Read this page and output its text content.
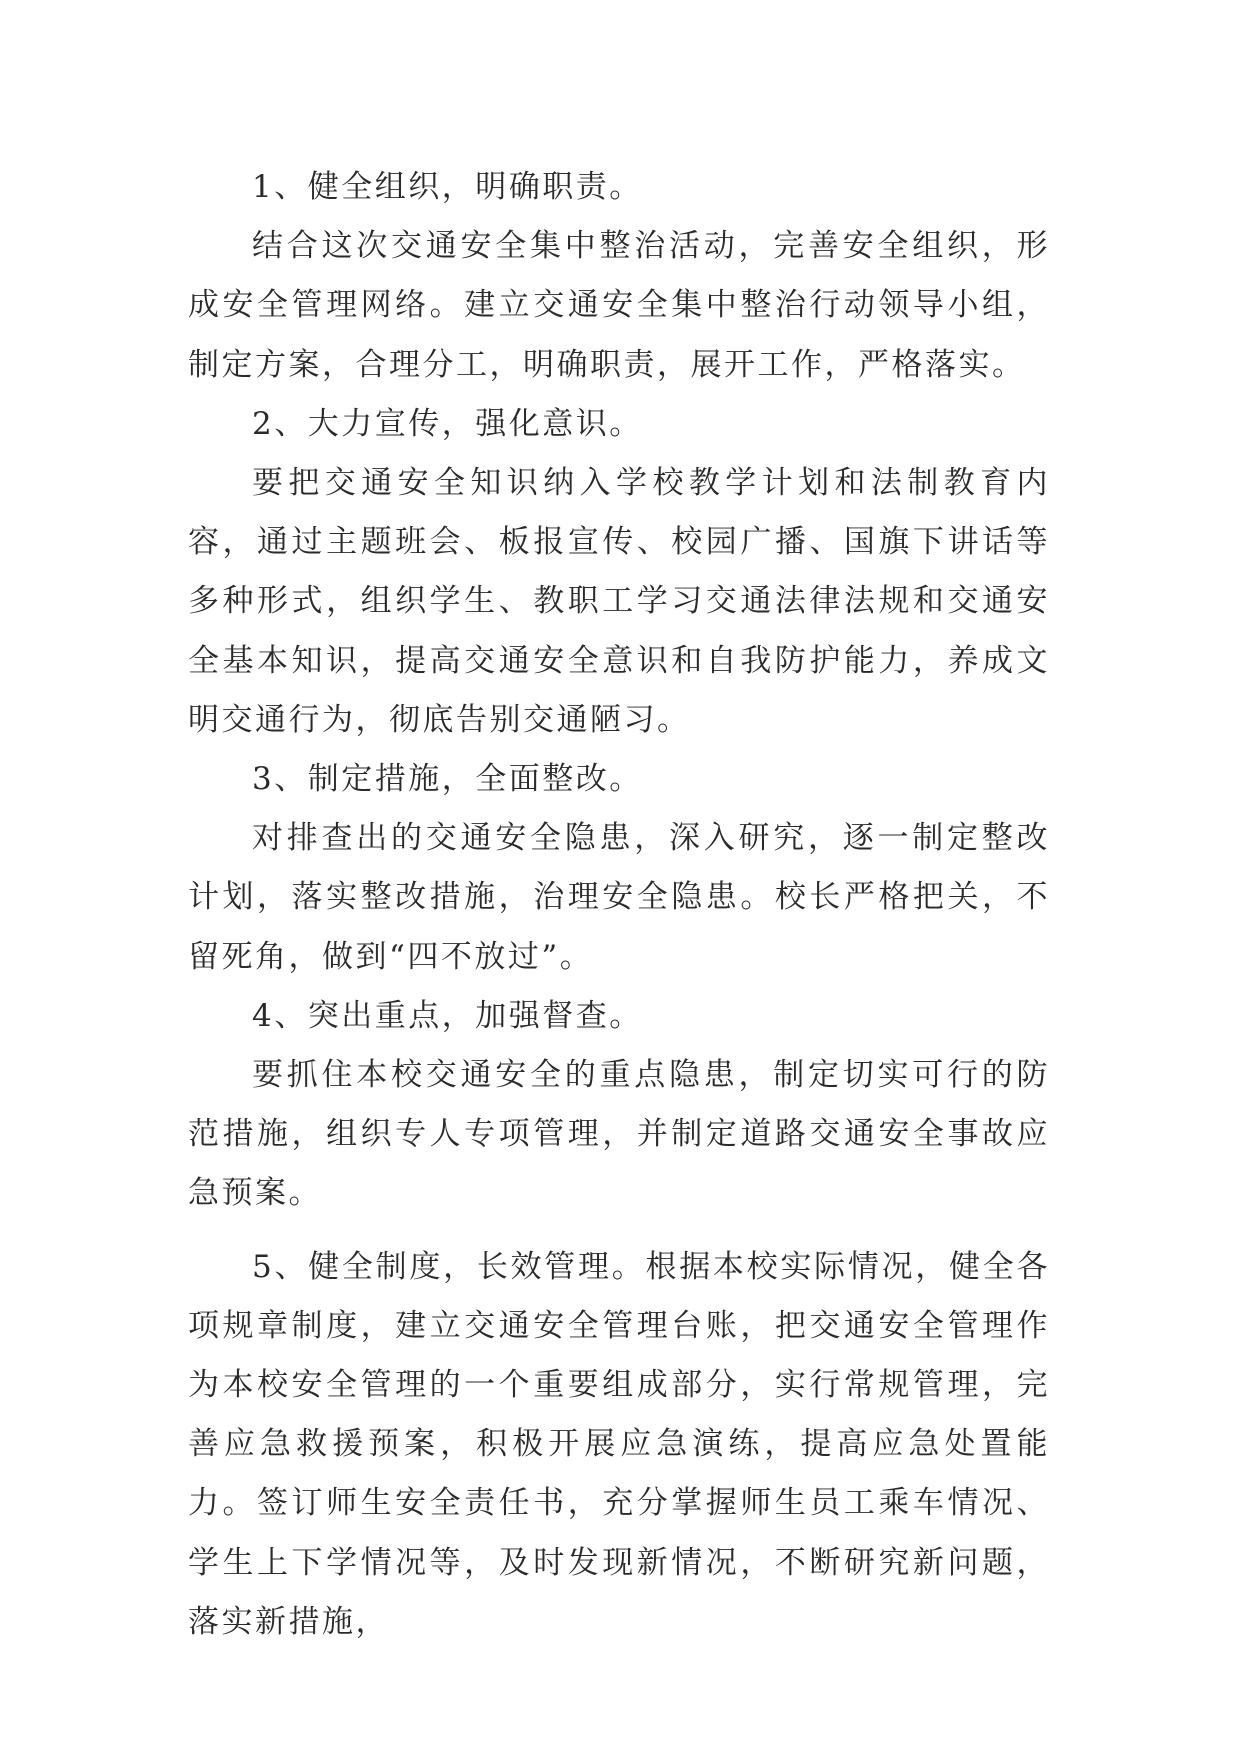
1、健全组织，明确职责。

结合这次交通安全集中整治活动，完善安全组织，形成安全管理网络。建立交通安全集中整治行动领导小组，制定方案，合理分工，明确职责，展开工作，严格落实。

2、大力宣传，强化意识。

要把交通安全知识纳入学校教学计划和法制教育内容，通过主题班会、板报宣传、校园广播、国旗下讲话等多种形式，组织学生、教职工学习交通法律法规和交通安全基本知识，提高交通安全意识和自我防护能力，养成文明交通行为，彻底告别交通陋习。

3、制定措施，全面整改。

对排查出的交通安全隐患，深入研究，逐一制定整改计划，落实整改措施，治理安全隐患。校长严格把关，不留死角，做到“四不放过”。

4、突出重点，加强督查。

要抓住本校交通安全的重点隐患，制定切实可行的防范措施，组织专人专项管理，并制定道路交通安全事故应急预案。

5、健全制度，长效管理。根据本校实际情况，健全各项规章制度，建立交通安全管理台账，把交通安全管理作为本校安全管理的一个重要组成部分，实行常规管理，完善应急救援预案，积极开展应急演练，提高应急处置能力。签订师生安全责任书，充分掌握师生员工乘车情况、学生上下学情况等，及时发现新情况，不断研究新问题，落实新措施，
